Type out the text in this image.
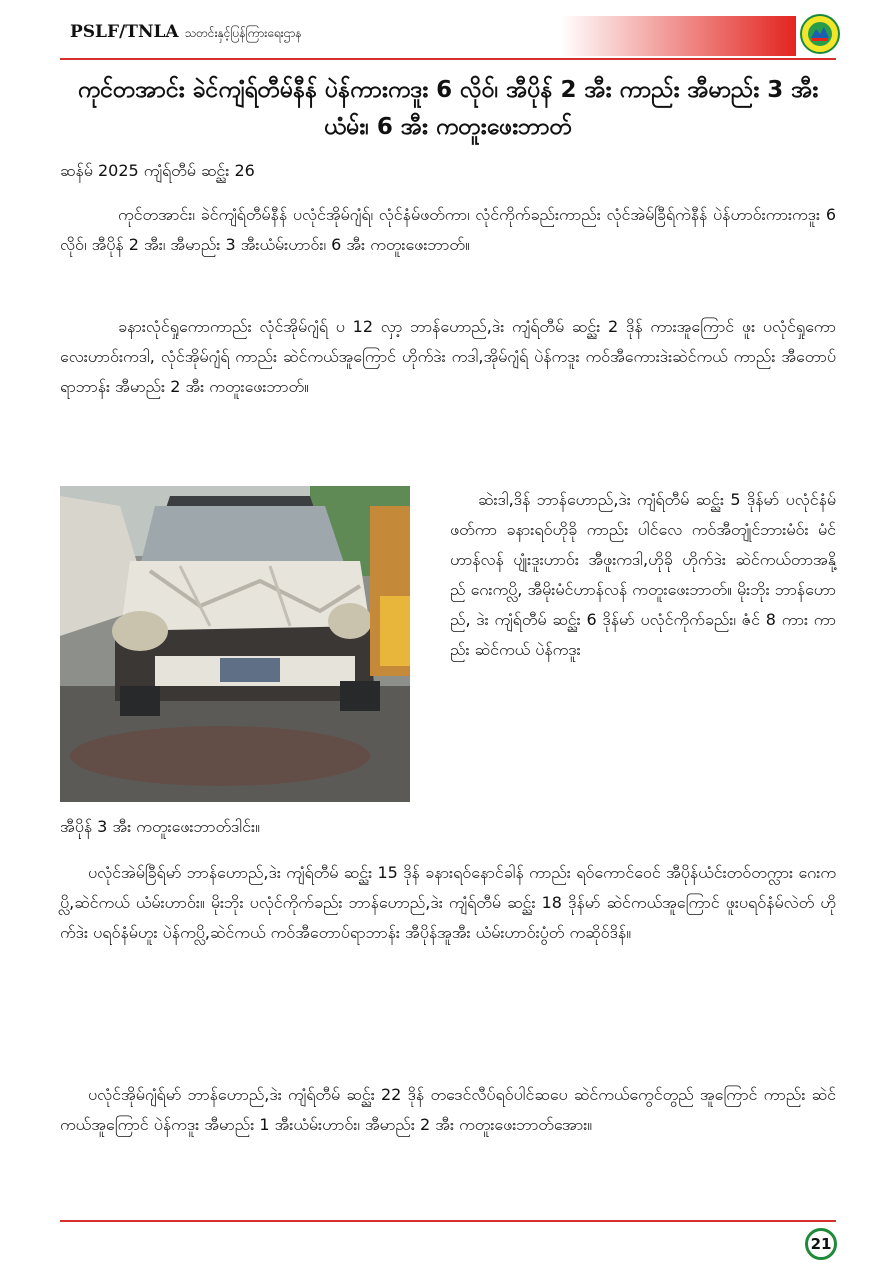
PSLF/TNLA သတင်းနှင့်ပြန်ကြားရေးဌာန
ကုင်တအာင်း ခဲင်ကျံရ်တီမ်နီန် ပဲန်ကားကဒူး 6 လိုဝ်၊ အီပိုန် 2 အီး ကာည်း အီမာည်း 3 အီးယံမ်း၊ 6 အီး ကတူးဖေးဘာတ်
ဆန်မ် 2025 ကျံရ်တီမ် ဆင္ည်း 26

ကုင်တအာင်း၊ ခဲင်ကျံရ်တီမ်နီန် ပလုံင်အိုမ်ဂျံရ်၊ လုံင်နံမ်ဖတ်ကာ၊ လုံင်ကိုက်ခည်းကာည်း လုံင်အဲမ်ခြီရ်ကဲနီန် ပဲန်ဟာဝ်းကားကဒူး 6 လိုဝ်၊ အီပိုန် 2 အီး၊ အီမာည်း 3 အီးယံမ်းဟာဝ်း၊ 6 အီး ကတူးဖေးဘာတ်။

ခနားလုံင်ရှုကောကာည်း လုံင်အိုမ်ဂျံရ် ပ 12 လှာ့ ဘာန်ဟောည်,ဒဲး ကျံရ်တီမ် ဆင္ည်း 2 ဒိုန် ကားအူကြောင် ဖူး ပလုံင်ရှုကော လေးဟာဝ်းကဒါ, လုံင်အိုမ်ဂျံရ် ကာည်း ဆဲင်ကယ်အူကြောင် ဟိုက်ဒဲး ကဒါ,အိုမ်ဂျံရ် ပဲန်ကဒူး ကဝ်အီကေားဒဲးဆဲင်ကယ် ကာည်း အီတောပ်ရာဘာန်း အီမာည်း 2 အီး ကတူးဖေးဘာတ်။

ဆဲးဒါ,ဒိန် ဘာန်ဟောည်,ဒဲး ကျံရ်တီမ် ဆင္ည်း 5 ဒိုန်မာ် ပလုံင်နံမ်ဖတ်ကာ ခနားရဝ်ဟိုခို ကာည်း ပါင်လေ ကဝ်အီတျုံင်ဘားမံဝ်း မံင်ဟာန်လန် ပျုံးဒူးဟာဝ်း အီဖူးကဒါ,ဟိုခို ဟိုက်ဒဲး ဆဲင်ကယ်တာအနို့ည် ဂေးကပ္လိ, အီမိုးမံင်ဟာန်လန် ကတူးဖေးဘာတ်။ မိုးဘိုး ဘာန်ဟောည်, ဒဲး ကျံရ်တီမ် ဆင္ည်း 6 ဒိုန်မာ် ပလုံင်ကိုက်ခည်း၊ ဇံင် 8 ကား ကာည်း ဆဲင်ကယ် ပဲန်ကဒူး

အီပိုန် 3 အီး ကတူးဖေးဘာတ်ဒါင်း။

ပလုံင်အဲမ်ခြီရ်မာ် ဘာန်ဟောည်,ဒဲး ကျံရ်တီမ် ဆင္ည်း 15 ဒိုန် ခနားရဝ်နောင်ခါန် ကာည်း ရဝ်ကောင်ဝေင် အီပိုန်ယံင်းတဝ်တက္လား ဂေးကပ္လိ,ဆဲင်ကယ် ယံမ်းဟာဝ်း။ မိုးဘိုး ပလုံင်ကိုက်ခည်း ဘာန်ဟောည်,ဒဲး ကျံရ်တီမ် ဆင္ည်း 18 ဒိုန်မာ် ဆဲင်ကယ်အူကြောင် ဖူးပရဝ်နံမ်လဲတ် ဟိုက်ဒဲး ပရဝ်နံမ်ဟူး ပဲန်ကပ္လိ,ဆဲင်ကယ် ကဝ်အီတောပ်ရာဘာန်း အီပိုန်အူအီး ယံမ်းဟာဝ်းပွံတ် ကဆိုဝ်ဒိန်။

ပလုံင်အိုမ်ဂျံရ်မာ် ဘာန်ဟောည်,ဒဲး ကျံရ်တီမ် ဆင္ည်း 22 ဒိုန် တဒေင်လီပ်ရဝ်ပါင်ဆပေ ဆဲင်ကယ်ကွေင်တွည် အူကြောင် ကာည်း ဆဲင်ကယ်အူကြောင် ပဲန်ကဒူး အီမာည်း 1 အီးယံမ်းဟာဝ်း၊ အီမာည်း 2 အီး ကတူးဖေးဘာတ်အေား။

21
